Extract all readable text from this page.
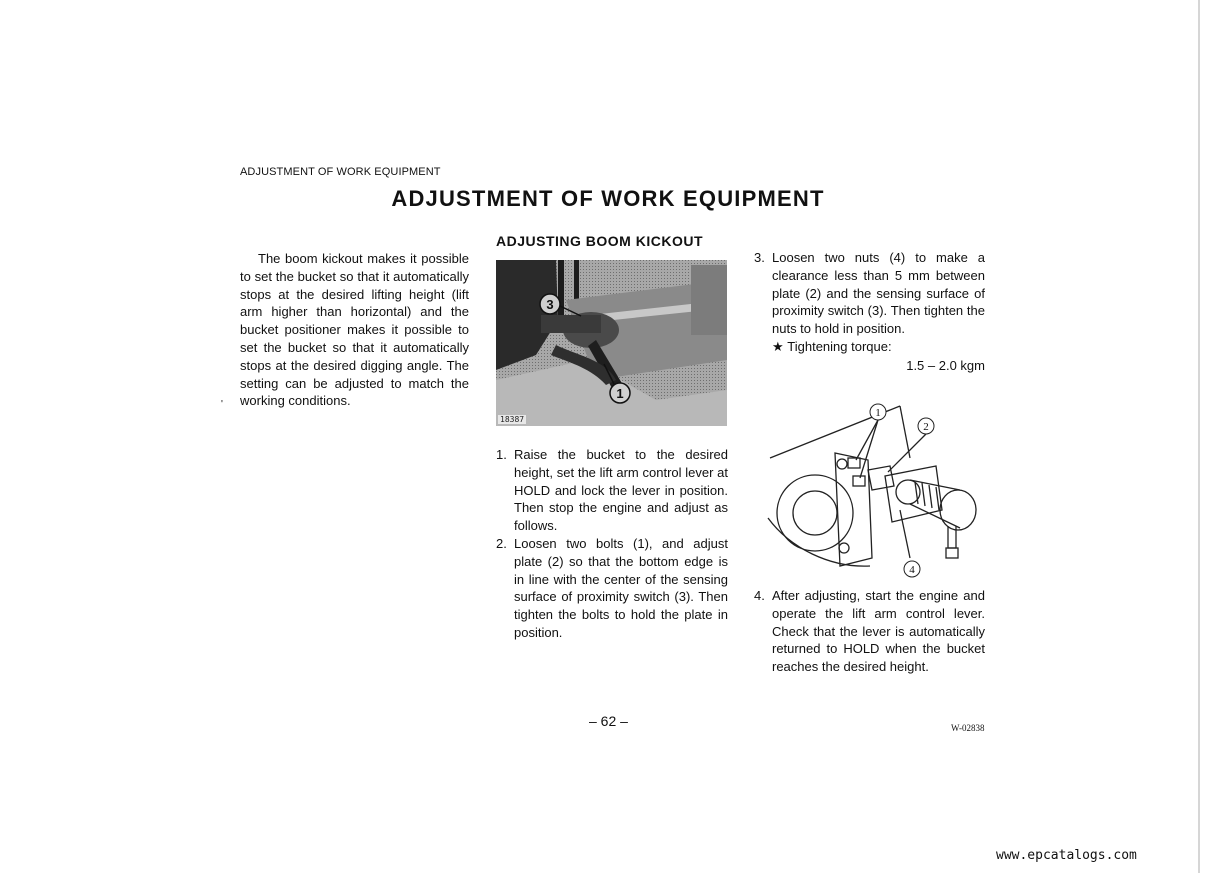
ADJUSTMENT OF WORK EQUIPMENT
ADJUSTMENT OF WORK EQUIPMENT
ADJUSTING BOOM KICKOUT
'
The boom kickout makes it possible to set the bucket so that it automatically stops at the desired lifting height (lift arm higher than horizontal) and the bucket positioner makes it possible to set the bucket so that it automatically stops at the desired digging angle. The setting can be adjusted to match the working conditions.
3
1
18387
1. Raise the bucket to the desired height, set the lift arm control lever at HOLD and lock the lever in position. Then stop the engine and adjust as follows.
2. Loosen two bolts (1), and adjust plate (2) so that the bottom edge is in line with the center of the sensing surface of proximity switch (3). Then tighten the bolts to hold the plate in position.
3. Loosen two nuts (4) to make a clearance less than 5 mm between plate (2) and the sensing surface of proximity switch (3). Then tighten the nuts to hold in position.
★
Tightening torque:
1.5 – 2.0 kgm
1
2
4
4. After adjusting, start the engine and operate the lift arm control lever. Check that the lever is automatically returned to HOLD when the bucket reaches the desired height.
– 62 –	W-02838
www.epcatalogs.com
